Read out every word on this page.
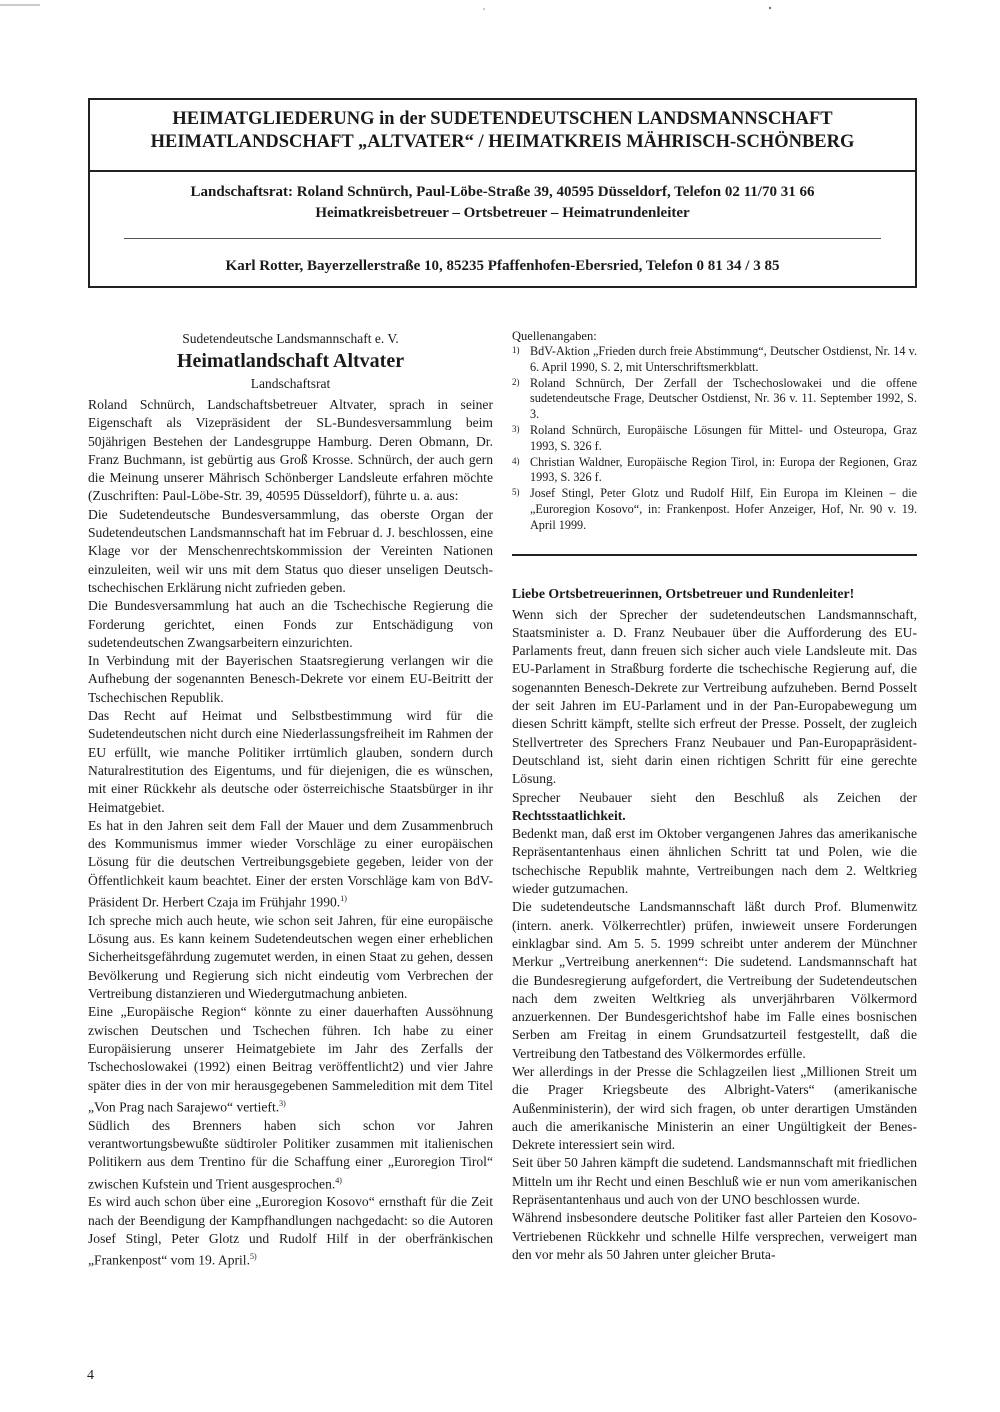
HEIMATGLIEDERUNG in der SUDETENDEUTSCHEN LANDSMANNSCHAFT
HEIMATLANDSCHAFT „ALTVATER“ / HEIMATKREIS MÄHRISCH-SCHÖNBERG
Landschaftsrat: Roland Schnürch, Paul-Löbe-Straße 39, 40595 Düsseldorf, Telefon 02 11/70 31 66
Heimatkreisbetreuer – Ortsbetreuer – Heimatrundenleiter
Karl Rotter, Bayerzellerstraße 10, 85235 Pfaffenhofen-Ebersried, Telefon 0 81 34 / 3 85
Sudetendeutsche Landsmannschaft e. V.
Heimatlandschaft Altvater
Landschaftsrat

Roland Schnürch, Landschaftsbetreuer Altvater, sprach in seiner Eigenschaft als Vizepräsident der SL-Bundesversammlung beim 50jährigen Bestehen der Landesgruppe Hamburg. Deren Obmann, Dr. Franz Buchmann, ist gebürtig aus Groß Krosse. Schnürch, der auch gern die Meinung unserer Mährisch Schönberger Landsleute erfahren möchte (Zuschriften: Paul-Löbe-Str. 39, 40595 Düsseldorf), führte u. a. aus:

Die Sudetendeutsche Bundesversammlung, das oberste Organ der Sudetendeutschen Landsmannschaft hat im Februar d. J. beschlossen, eine Klage vor der Menschenrechtskommission der Vereinten Nationen einzuleiten, weil wir uns mit dem Status quo dieser unseligen Deutsch-tschechischen Erklärung nicht zufrieden geben.

Die Bundesversammlung hat auch an die Tschechische Regierung die Forderung gerichtet, einen Fonds zur Entschädigung von sudetendeutschen Zwangsarbeitern einzurichten.

In Verbindung mit der Bayerischen Staatsregierung verlangen wir die Aufhebung der sogenannten Benesch-Dekrete vor einem EU-Beitritt der Tschechischen Republik.

Das Recht auf Heimat und Selbstbestimmung wird für die Sudetendeutschen nicht durch eine Niederlassungsfreiheit im Rahmen der EU erfüllt, wie manche Politiker irrtümlich glauben, sondern durch Naturalrestitution des Eigentums, und für diejenigen, die es wünschen, mit einer Rückkehr als deutsche oder österreichische Staatsbürger in ihr Heimatgebiet.

Es hat in den Jahren seit dem Fall der Mauer und dem Zusammenbruch des Kommunismus immer wieder Vorschläge zu einer europäischen Lösung für die deutschen Vertreibungsgebiete gegeben, leider von der Öffentlichkeit kaum beachtet. Einer der ersten Vorschläge kam von BdV-Präsident Dr. Herbert Czaja im Frühjahr 1990.$^{1)}$

Ich spreche mich auch heute, wie schon seit Jahren, für eine europäische Lösung aus. Es kann keinem Sudetendeutschen wegen einer erheblichen Sicherheitsgefährdung zugemutet werden, in einen Staat zu gehen, dessen Bevölkerung und Regierung sich nicht eindeutig vom Verbrechen der Vertreibung distanzieren und Wiedergutmachung anbieten.

Eine „Europäische Region“ könnte zu einer dauerhaften Aussöhnung zwischen Deutschen und Tschechen führen. Ich habe zu einer Europäisierung unserer Heimatgebiete im Jahr des Zerfalls der Tschechoslowakei (1992) einen Beitrag veröffentlicht2) und vier Jahre später dies in der von mir herausgegebenen Sammeledition mit dem Titel „Von Prag nach Sarajewo“ vertieft.$^{3)}$

Südlich des Brenners haben sich schon vor Jahren verantwortungsbewußte südtiroler Politiker zusammen mit italienischen Politikern aus dem Trentino für die Schaffung einer „Euroregion Tirol“ zwischen Kufstein und Trient ausgesprochen.$^{4)}$

Es wird auch schon über eine „Euroregion Kosovo“ ernsthaft für die Zeit nach der Beendigung der Kampfhandlungen nachgedacht: so die Autoren Josef Stingl, Peter Glotz und Rudolf Hilf in der oberfränkischen „Frankenpost“ vom 19. April.$^{5)}$

Quellenangaben:
1) BdV-Aktion „Frieden durch freie Abstimmung“, Deutscher Ostdienst, Nr. 14 v. 6. April 1990, S. 2, mit Unterschriftsmerkblatt.
2) Roland Schnürch, Der Zerfall der Tschechoslowakei und die offene sudetendeutsche Frage, Deutscher Ostdienst, Nr. 36 v. 11. September 1992, S. 3.
3) Roland Schnürch, Europäische Lösungen für Mittel- und Osteuropa, Graz 1993, S. 326 f.
4) Christian Waldner, Europäische Region Tirol, in: Europa der Regionen, Graz 1993, S. 326 f.
5) Josef Stingl, Peter Glotz und Rudolf Hilf, Ein Europa im Kleinen – die „Euroregion Kosovo“, in: Frankenpost. Hofer Anzeiger, Hof, Nr. 90 v. 19. April 1999.
Liebe Ortsbetreuerinnen, Ortsbetreuer und Rundenleiter!

Wenn sich der Sprecher der sudetendeutschen Landsmannschaft, Staatsminister a. D. Franz Neubauer über die Aufforderung des EU-Parlaments freut, dann freuen sich sicher auch viele Landsleute mit. Das EU-Parlament in Straßburg forderte die tschechische Regierung auf, die sogenannten Benesch-Dekrete zur Vertreibung aufzuheben. Bernd Posselt der seit Jahren im EU-Parlament und in der Pan-Europabewegung um diesen Schritt kämpft, stellte sich erfreut der Presse. Posselt, der zugleich Stellvertreter des Sprechers Franz Neubauer und Pan-Europapräsident-Deutschland ist, sieht darin einen richtigen Schritt für eine gerechte Lösung.

Sprecher Neubauer sieht den Beschluß als Zeichen der Rechtsstaatlichkeit.

Bedenkt man, daß erst im Oktober vergangenen Jahres das amerikanische Repräsentantenhaus einen ähnlichen Schritt tat und Polen, wie die tschechische Republik mahnte, Vertreibungen nach dem 2. Weltkrieg wieder gutzumachen.

Die sudetendeutsche Landsmannschaft läßt durch Prof. Blumenwitz (intern. anerk. Völkerrechtler) prüfen, inwieweit unsere Forderungen einklagbar sind. Am 5. 5. 1999 schreibt unter anderem der Münchner Merkur „Vertreibung anerkennen“: Die sudetend. Landsmannschaft hat die Bundesregierung aufgefordert, die Vertreibung der Sudetendeutschen nach dem zweiten Weltkrieg als unverjährbaren Völkermord anzuerkennen. Der Bundesgerichtshof habe im Falle eines bosnischen Serben am Freitag in einem Grundsatzurteil festgestellt, daß die Vertreibung den Tatbestand des Völkermordes erfülle.

Wer allerdings in der Presse die Schlagzeilen liest „Millionen Streit um die Prager Kriegsbeute des Albright-Vaters“ (amerikanische Außenministerin), der wird sich fragen, ob unter derartigen Umständen auch die amerikanische Ministerin an einer Ungültigkeit der Benes-Dekrete interessiert sein wird.

Seit über 50 Jahren kämpft die sudetend. Landsmannschaft mit friedlichen Mitteln um ihr Recht und einen Beschluß wie er nun vom amerikanischen Repräsentantenhaus und auch von der UNO beschlossen wurde.

Während insbesondere deutsche Politiker fast aller Parteien den Kosovo-Vertriebenen Rückkehr und schnelle Hilfe versprechen, verweigert man den vor mehr als 50 Jahren unter gleicher Bruta-

4
